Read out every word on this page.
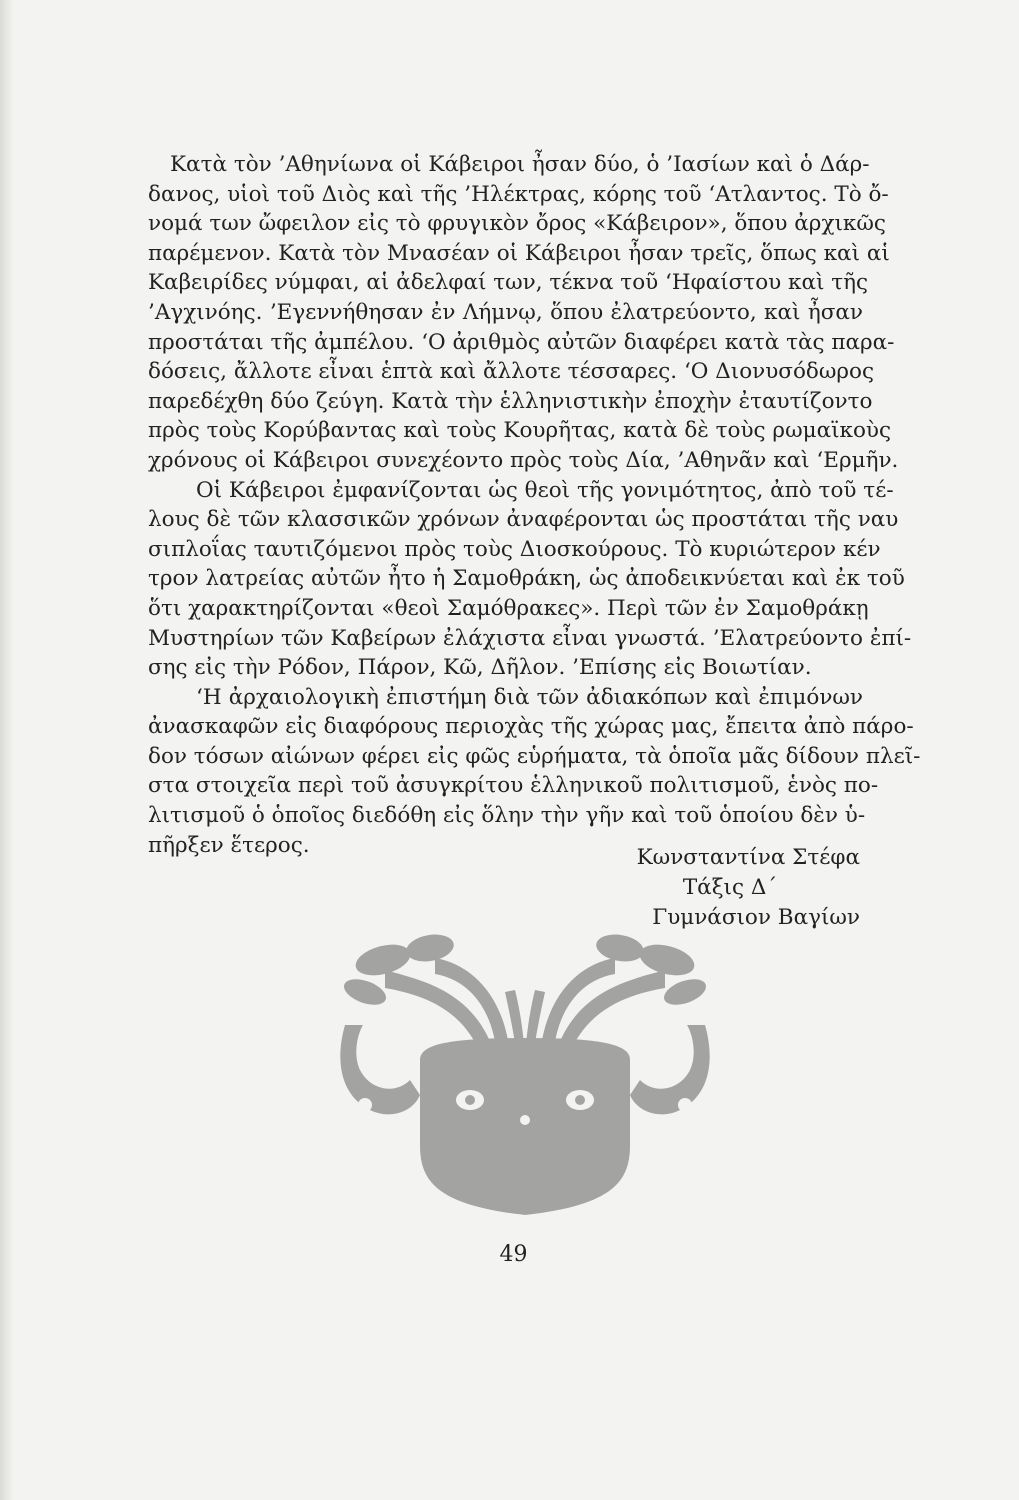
Κατὰ τὸν ’Αθηνίωνα οἱ Κάβειροι ἦσαν δύο, ὁ ’Ιασίων καὶ ὁ Δάρ-
δανος, υἱοὶ τοῦ Διὸς καὶ τῆς ’Ηλέκτρας, κόρης τοῦ ‘Ατλαντος. Τὸ ὄ-
νομά των ὤφειλον εἰς τὸ φρυγικὸν ὄρος «Κάβειρον», ὅπου ἀρχικῶς
παρέμενον. Κατὰ τὸν Μνασέαν οἱ Κάβειροι ἦσαν τρεῖς, ὅπως καὶ αἱ
Καβειρίδες νύμφαι, αἱ ἀδελφαί των, τέκνα τοῦ ‘Ηφαίστου καὶ τῆς
’Αγχινόης. ’Εγεννήθησαν ἐν Λήμνῳ, ὅπου ἐλατρεύοντο, καὶ ἦσαν
προστάται τῆς ἀμπέλου. ‘Ο ἀριθμὸς αὐτῶν διαφέρει κατὰ τὰς παρα-
δόσεις, ἄλλοτε εἶναι ἑπτὰ καὶ ἄλλοτε τέσσαρες. ‘Ο Διονυσόδωρος
παρεδέχθη δύο ζεύγη. Κατὰ τὴν ἑλληνιστικὴν ἐποχὴν ἐταυτίζοντο
πρὸς τοὺς Κορύβαντας καὶ τοὺς Κουρῆτας, κατὰ δὲ τοὺς ρωμαϊκοὺς
χρόνους οἱ Κάβειροι συνεχέοντο πρὸς τοὺς Δία, ’Αθηνᾶν καὶ ‘Ερμῆν.
Οἱ Κάβειροι ἐμφανίζονται ὡς θεοὶ τῆς γονιμότητος, ἀπὸ τοῦ τέ-
λους δὲ τῶν κλασσικῶν χρόνων ἀναφέρονται ὡς προστάται τῆς ναυ
σιπλοΐας ταυτιζόμενοι πρὸς τοὺς Διοσκούρους. Τὸ κυριώτερον κέν
τρον λατρείας αὐτῶν ἦτο ἡ Σαμοθράκη, ὡς ἀποδεικνύεται καὶ ἐκ τοῦ
ὅτι χαρακτηρίζονται «θεοὶ Σαμόθρακες». Περὶ τῶν ἐν Σαμοθράκῃ
Μυστηρίων τῶν Καβείρων ἐλάχιστα εἶναι γνωστά. ’Ελατρεύοντο ἐπί-
σης εἰς τὴν Ρόδον, Πάρον, Κῶ, Δῆλον. ’Επίσης εἰς Βοιωτίαν.
‘Η ἀρχαιολογικὴ ἐπιστήμη διὰ τῶν ἀδιακόπων καὶ ἐπιμόνων
ἀνασκαφῶν εἰς διαφόρους περιοχὰς τῆς χώρας μας, ἔπειτα ἀπὸ πάρο-
δον τόσων αἰώνων φέρει εἰς φῶς εὑρήματα, τὰ ὁποῖα μᾶς δίδουν πλεῖ-
στα στοιχεῖα περὶ τοῦ ἀσυγκρίτου ἑλληνικοῦ πολιτισμοῦ, ἑνὸς πο-
λιτισμοῦ ὁ ὁποῖος διεδόθη εἰς ὅλην τὴν γῆν καὶ τοῦ ὁποίου δὲν ὑ-
πῆρξεν ἕτερος.	Κωνσταντίνα Στέφα
Τάξις Δ΄
Γυμνάσιον Βαγίων
49
